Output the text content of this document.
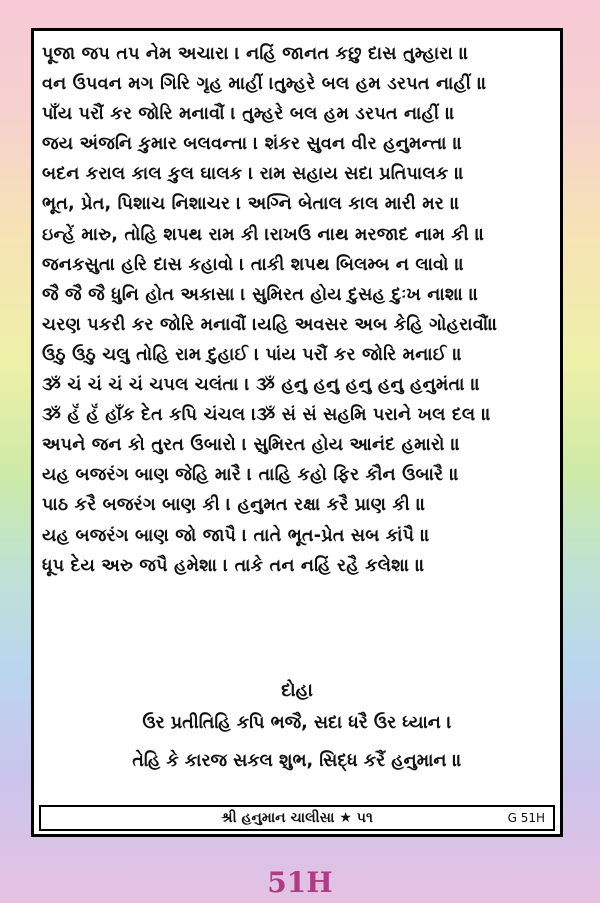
પૂજા જપ તપ નેમ અચારા । નહિં જાનત કછુ દાસ તુમ્હારા ॥
વન ઉપવન મગ ગિરિ ગૃહ માહીં ।તુમ્હરે બલ હમ ડરપત નાહીં ॥
પાઁય પરૌં કર જોરિ મનાવૌં । તુમ્હરે બલ હમ ડરપત નાહીં ॥
જય અંજનિ કુમાર બલવન્તા । શંકર સુવન વીર હનુમન્તા ॥
બદન કરાલ કાલ કુલ ઘાલક । રામ સહાય સદા પ્રતિપાલક ॥
ભૂત, પ્રેત, પિશાચ નિશાચર । અગ્નિ બેતાલ કાલ મારી મર ॥
ઇન્હેં મારુ, તોહિ શપથ રામ કી ।રાખઉ નાથ મરજાદ નામ કી ॥
જનકસુતા હરિ દાસ કહાવો । તાકી શપથ બિલમ્બ ન લાવો ॥
જૈ જૈ જૈ ધુનિ હોત અકાસા । સુમિરત હોય દુસહ દુઃખ નાશા ॥
ચરણ પકરી કર જોરિ મનાવૌં ।યહિ અવસર અબ કેહિ ગોહરાવૌં॥
ઉઠુ ઉઠુ ચલુ તોહિ રામ દુહાઈ । પાંય પરૌં કર જોરિ મનાઈ ॥
ૐ ચં ચં ચં ચં ચપલ ચલંતા । ૐ હનુ હનુ હનુ હનુ હનુમંતા ॥
ૐ હૅં હૅં હાઁક દેત કપિ ચંચલ ।ૐ સં સં સહમિ પરાને ખલ દલ ॥
અપને જન કો તુરત ઉબારો । સુમિરત હોય આનંદ હમારો ॥
યહ બજરંગ બાણ જેહિ મારૈ । તાહિ કહો ફિર કૌન ઉબારૈ ॥
પાઠ કરૈ બજરંગ બાણ કી । હનુમત રક્ષા કરૈ પ્રાણ કી ॥
યહ બજરંગ બાણ જો જાપૈ । તાતે ભૂત-પ્રેત સબ કાંપૈ ॥
ધૂપ દેય અરુ જપૈ હમેશા । તાકે તન નહિં રહૈ કલેશા ॥
દોહા
ઉર પ્રતીતિહિ કપિ ભજૈ, સદા ધરૈ ઉર ધ્યાન ।
તેહિ કે કારજ સકલ શુભ, સિદ્ધ કરૈં હનુમાન ॥
શ્રી હનુમાન ચાલીસા ★ ૫૧	G 51H
51H
